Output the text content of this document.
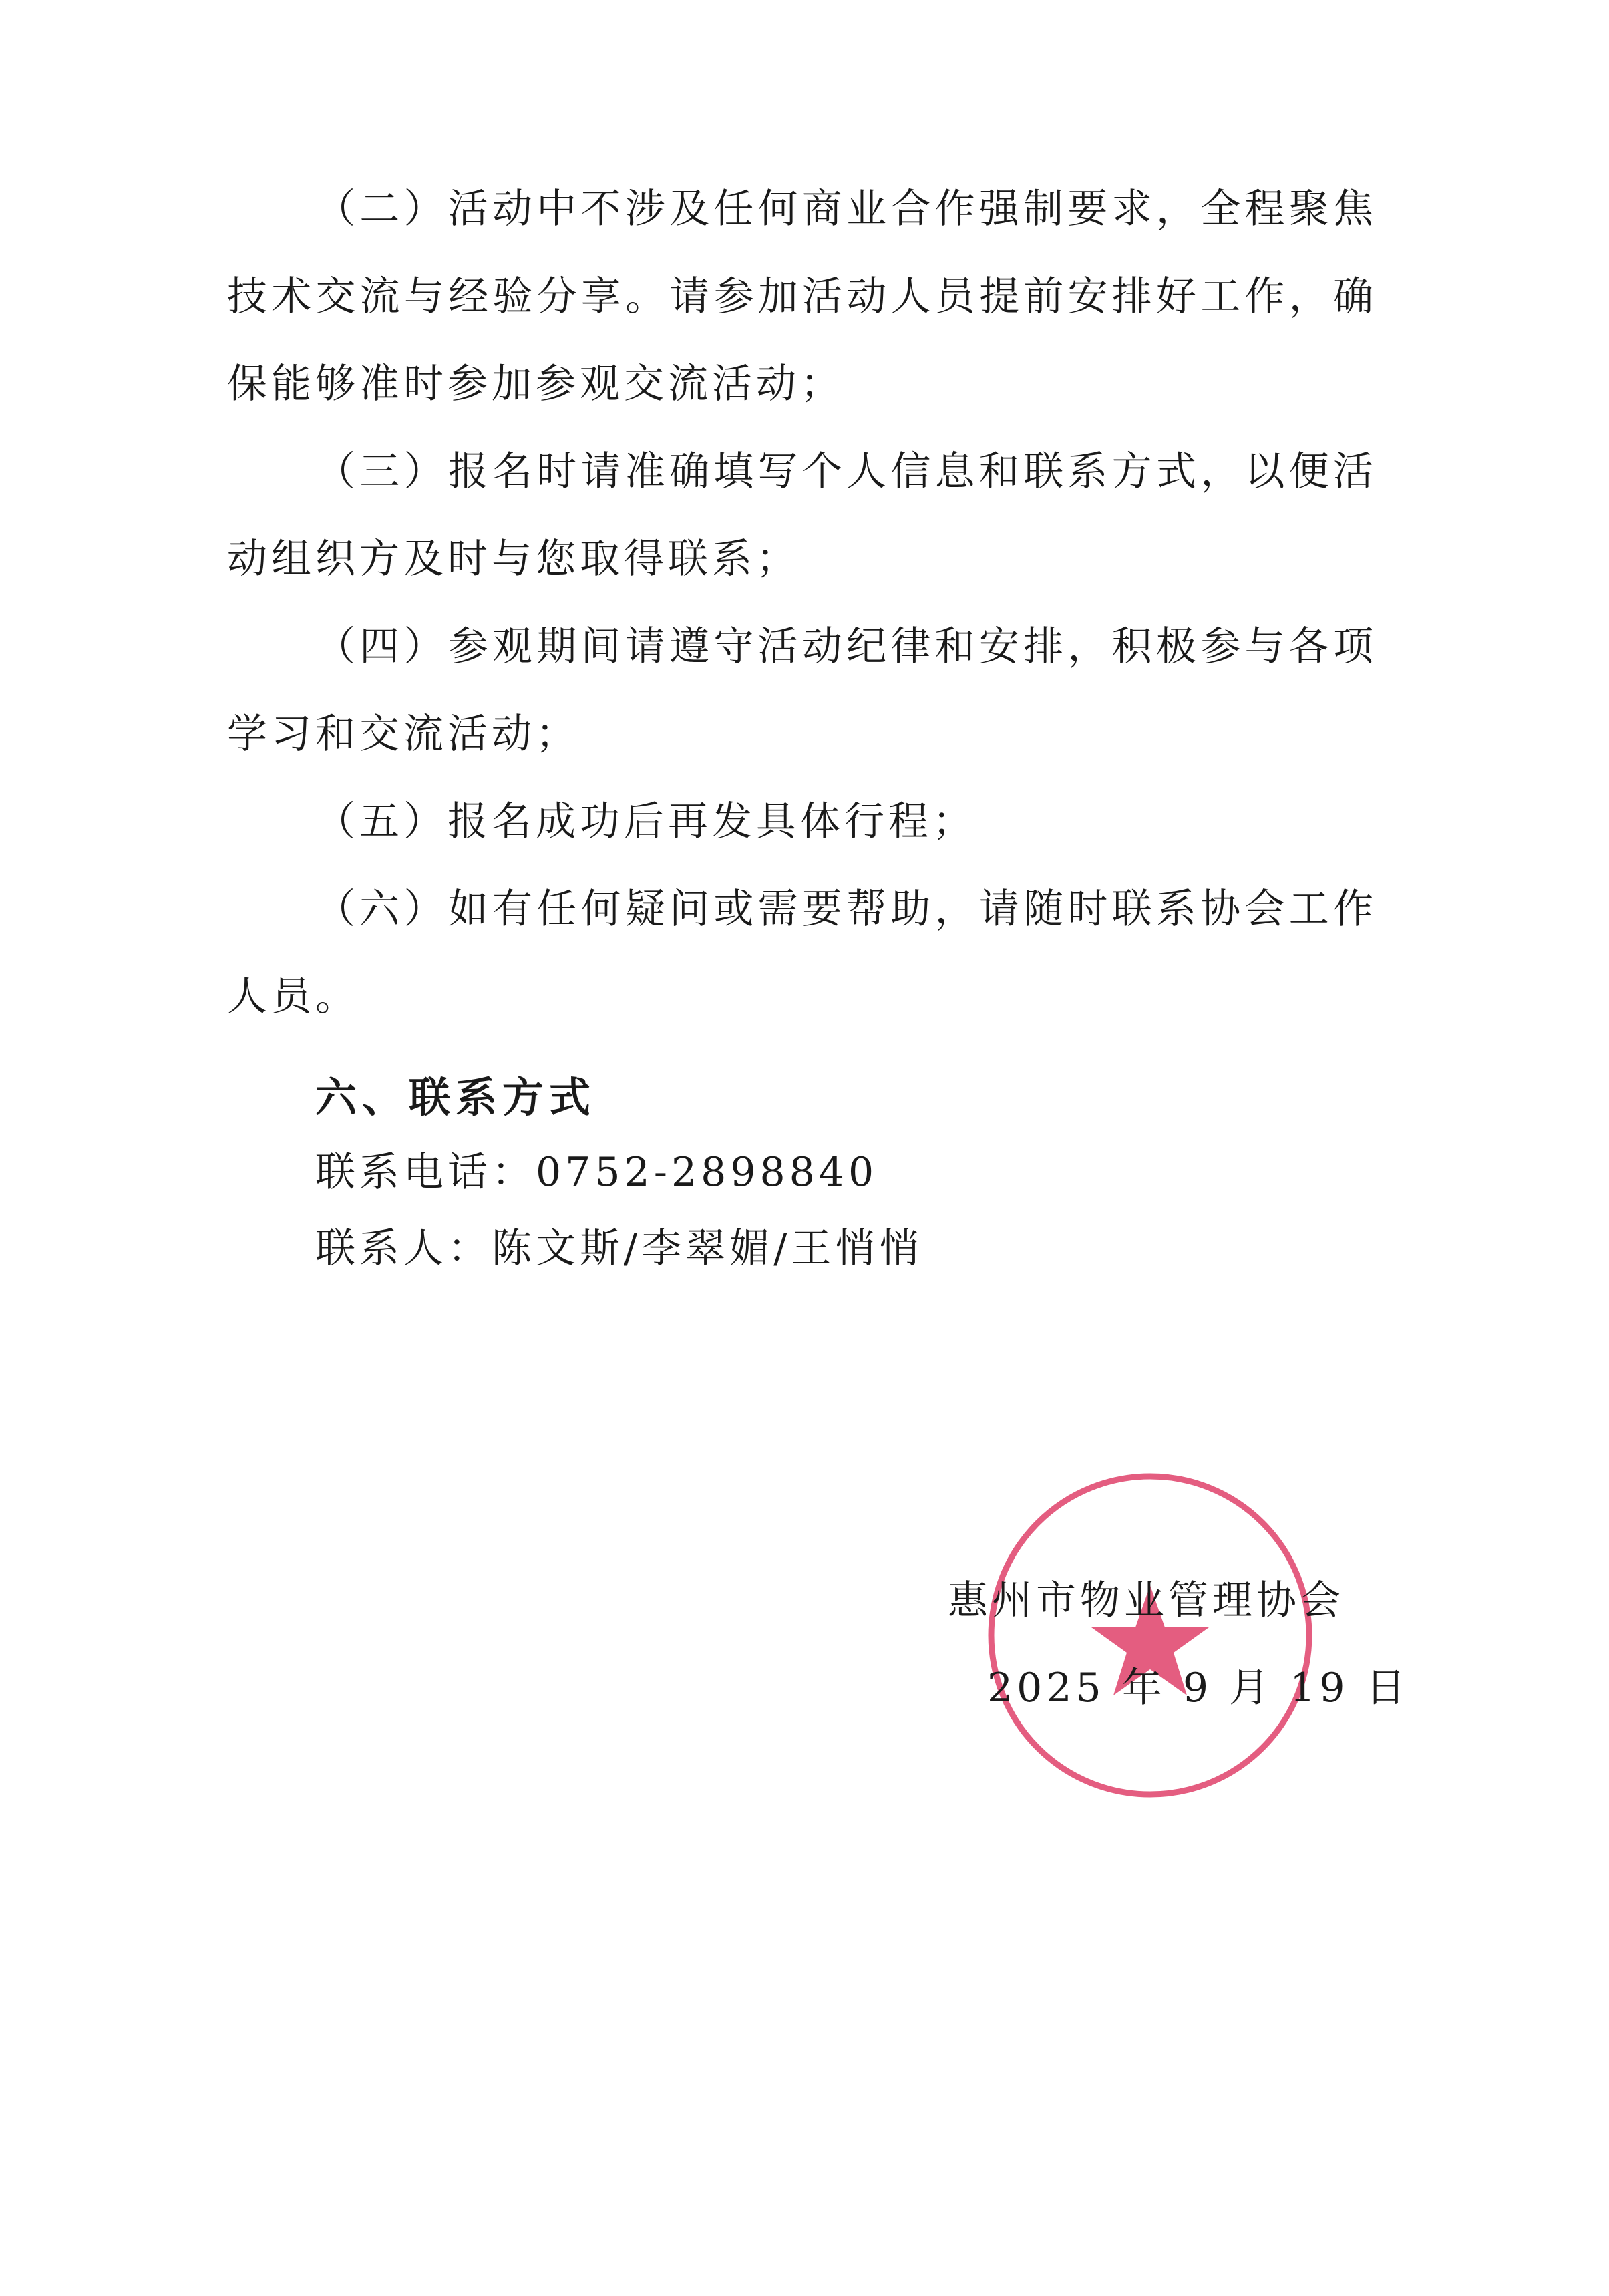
（二）活动中不涉及任何商业合作强制要求，全程聚焦技术交流与经验分享。请参加活动人员提前安排好工作，确保能够准时参加参观交流活动；

（三）报名时请准确填写个人信息和联系方式，以便活动组织方及时与您取得联系；

（四）参观期间请遵守活动纪律和安排，积极参与各项学习和交流活动；

（五）报名成功后再发具体行程；

（六）如有任何疑问或需要帮助，请随时联系协会工作人员。

六、联系方式
联系电话：0752-2898840
联系人：陈文斯/李翠媚/王悄悄
惠州市物业管理协会
2025 年 9 月 19 日
